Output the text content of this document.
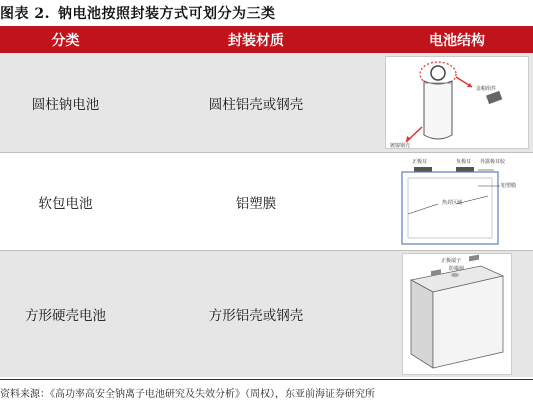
图表 2. 钠电池按照封装方式可划分为三类
分类	封装材质	电池结构
圆柱钠电池	圆柱铝壳或钢壳
盖帽组件
镀镍钢壳
软包电池	铝塑膜
正极耳	负极耳 外露极耳胶
铝塑膜
热封区域
方形硬壳电池	方形铝壳或钢壳
正极端子
防爆阀
资料来源：《高功率高安全钠离子电池研究及失效分析》（周权），东亚前海证券研究所
